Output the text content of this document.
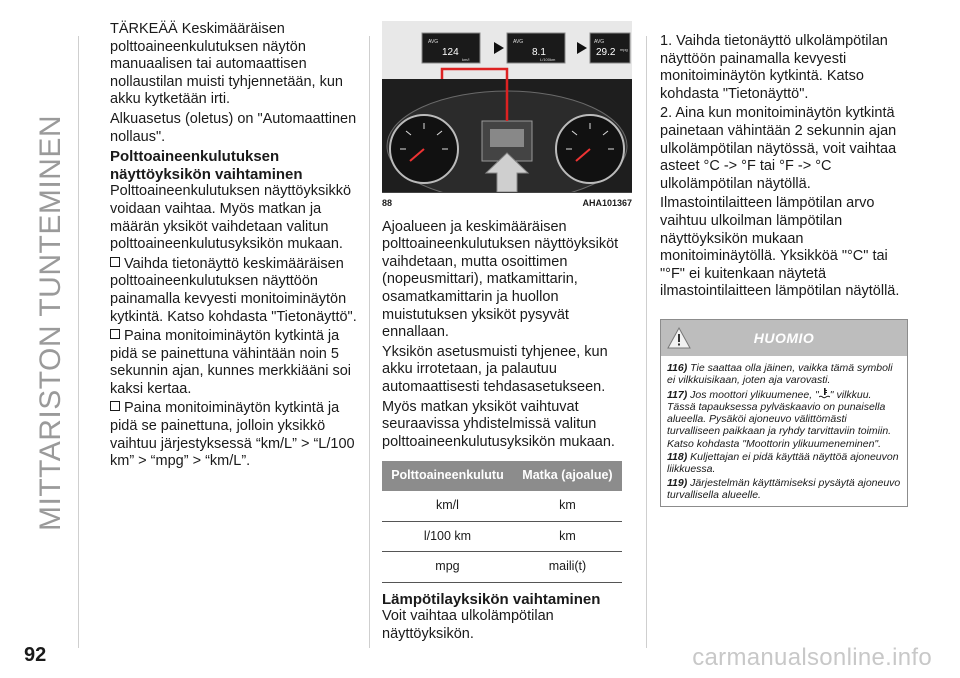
MITTARISTON TUNTEMINEN

TÄRKEÄÄ Keskimääräisen polttoaineenkulutuksen näytön manuaalisen tai automaattisen nollaustilan muisti tyhjennetään, kun akku kytketään irti.

Alkuasetus (oletus) on "Automaattinen nollaus".

Polttoaineenkulutuksen näyttöyksikön vaihtaminen

Polttoaineenkulutuksen näyttöyksikkö voidaan vaihtaa. Myös matkan ja määrän yksiköt vaihdetaan valitun polttoaineenkulutusyksikön mukaan.

Vaihda tietonäyttö keskimääräisen polttoaineenkulutuksen näyttöön painamalla kevyesti monitoiminäytön kytkintä. Katso kohdasta "Tietonäyttö".

Paina monitoiminäytön kytkintä ja pidä se painettuna vähintään noin 5 sekunnin ajan, kunnes merkkiääni soi kaksi kertaa.

Paina monitoiminäytön kytkintä ja pidä se painettuna, jolloin yksikkö vaihtuu järjestyksessä “km/L” > “L/100 km” > “mpg” > “km/L”.

AVG
124
km/l
AVG
8.1
L/100km
AVG
29.2 mpg
88	AHA101367

Ajoalueen ja keskimääräisen polttoaineenkulutuksen näyttöyksiköt vaihdetaan, mutta osoittimen (nopeusmittari), matkamittarin, osamatkamittarin ja huollon muistutuksen yksiköt pysyvät ennallaan.

Yksikön asetusmuisti tyhjenee, kun akku irrotetaan, ja palautuu automaattisesti tehdasasetukseen.

Myös matkan yksiköt vaihtuvat seuraavissa yhdistelmissä valitun polttoaineenkulutusyksikön mukaan.

Polttoaineenkulutu	Matka (ajoalue)
km/l	km
l/100 km	km
mpg	maili(t)
Lämpötilayksikön vaihtaminen

Voit vaihtaa ulkolämpötilan näyttöyksikön.

1. Vaihda tietonäyttö ulkolämpötilan näyttöön painamalla kevyesti monitoiminäytön kytkintä. Katso kohdasta "Tietonäyttö".

2. Aina kun monitoiminäytön kytkintä painetaan vähintään 2 sekunnin ajan ulkolämpötilan näytössä, voit vaihtaa asteet °C -> °F tai °F -> °C ulkolämpötilan näytöllä.

Ilmastointilaitteen lämpötilan arvo vaihtuu ulkoilman lämpötilan näyttöyksikön mukaan monitoiminäytöllä. Yksikköä "°C" tai "°F" ei kuitenkaan näytetä ilmastointilaitteen lämpötilan näytöllä.

HUOMIO

116) Tie saattaa olla jäinen, vaikka tämä symboli ei vilkkuisikaan, joten aja varovasti.

117) Jos moottori ylikuumenee, " " vilkkuu. Tässä tapauksessa pylväskaavio on punaisella alueella. Pysäköi ajoneuvo välittömästi turvalliseen paikkaan ja ryhdy tarvittaviin toimiin. Katso kohdasta "Moottorin ylikuumeneminen".

118) Kuljettajan ei pidä käyttää näyttöä ajoneuvon liikkuessa.

119) Järjestelmän käyttämiseksi pysäytä ajoneuvo turvallisella alueelle.

92	carmanualsonline.info
